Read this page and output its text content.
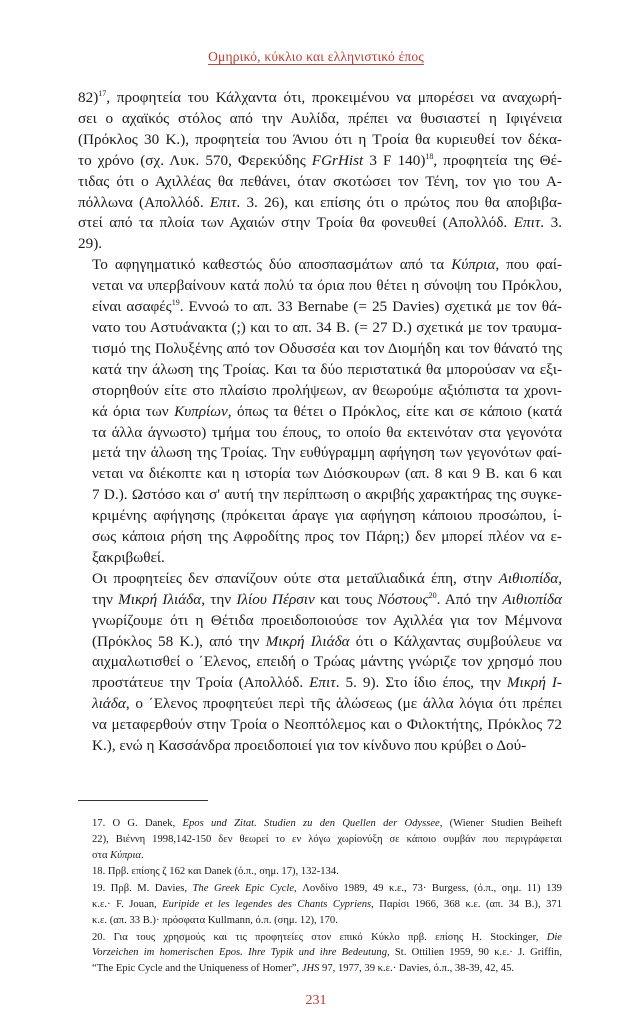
Ομηρικό, κύκλιο και ελληνιστικό έπος

82)$^{17}$, προφητεία του Κάλχαντα ότι, προκειμένου να μπορέσει να αναχωρή-
σει ο αχαϊκός στόλος από την Αυλίδα, πρέπει να θυσιαστεί η Ιφιγένεια
(Πρόκλος 30 Κ.), προφητεία του Άνιου ότι η Τροία θα κυριευθεί τον δέκα-
το χρόνο (σχ. Λυκ. 570, Φερεκύδης FGrHist 3 F 140)$^{18}$, προφητεία της Θέ-
τιδας ότι ο Αχιλλέας θα πεθάνει, όταν σκοτώσει τον Τένη, τον γιο του Α-
πόλλωνα (Απολλόδ. Επιτ. 3. 26), και επίσης ότι ο πρώτος που θα αποβιβα-
στεί από τα πλοία των Αχαιών στην Τροία θα φονευθεί (Απολλόδ. Επιτ. 3.
29).

Το αφηγηματικό καθεστώς δύο αποσπασμάτων από τα Κύπρια, που φαί-
νεται να υπερβαίνουν κατά πολύ τα όρια που θέτει η σύνοψη του Πρόκλου,
είναι ασαφές$^{19}$. Εννοώ το απ. 33 Bernabe (= 25 Davies) σχετικά με τον θά-
νατο του Αστυάνακτα (;) και το απ. 34 Β. (= 27 D.) σχετικά με τον τραυμα-
τισμό της Πολυξένης από τον Οδυσσέα και τον Διομήδη και τον θάνατό της
κατά την άλωση της Τροίας. Και τα δύο περιστατικά θα μπορούσαν να εξι-
στορηθούν είτε στο πλαίσιο προλήψεων, αν θεωρούμε αξιόπιστα τα χρονι-
κά όρια των Κυπρίων, όπως τα θέτει ο Πρόκλος, είτε και σε κάποιο (κατά
τα άλλα άγνωστο) τμήμα του έπους, το οποίο θα εκτεινόταν στα γεγονότα
μετά την άλωση της Τροίας. Την ευθύγραμμη αφήγηση των γεγονότων φαί-
νεται να διέκοπτε και η ιστορία των Διόσκουρων (απ. 8 και 9 Β. και 6 και
7 D.). Ωστόσο και σ' αυτή την περίπτωση ο ακριβής χαρακτήρας της συγκε-
κριμένης αφήγησης (πρόκειται άραγε για αφήγηση κάποιου προσώπου, ί-
σως κάποια ρήση της Αφροδίτης προς τον Πάρη;) δεν μπορεί πλέον να ε-
ξακριβωθεί.

Οι προφητείες δεν σπανίζουν ούτε στα μεταϊλιαδικά έπη, στην Αιθιοπίδα,
την Μικρή Ιλιάδα, την Ιλίου Πέρσιν και τους Νόστους$^{20}$. Από την Αιθιοπίδα
γνωρίζουμε ότι η Θέτιδα προειδοποιούσε τον Αχιλλέα για τον Μέμνονα
(Πρόκλος 58 Κ.), από την Μικρή Ιλιάδα ότι ο Κάλχαντας συμβούλευε να
αιχμαλωτισθεί ο ΄Ελενος, επειδή ο Τρώας μάντης γνώριζε τον χρησμό που
προστάτευε την Τροία (Απολλόδ. Επιτ. 5. 9). Στο ίδιο έπος, την Μικρή Ι-
λιάδα, ο ΄Ελενος προφητεύει περὶ τῆς ἁλώσεως (με άλλα λόγια ότι πρέπει
να μεταφερθούν στην Τροία ο Νεοπτόλεμος και ο Φιλοκτήτης, Πρόκλος 72
Κ.), ενώ η Κασσάνδρα προειδοποιεί για τον κίνδυνο που κρύβει ο Δού-

17. Ο G. Danek, Epos und Zitat. Studien zu den Quellen der Odyssee, (Wiener Studien Beiheft
22), Βιέννη 1998,142-150 δεν θεωρεί το εν λόγω χωρίονύξη σε κάποιο συμβάν που περιγράφεται
στα Κύπρια.
18. Πρβ. επίσης ζ 162 και Danek (ό.π., σημ. 17), 132-134.
19. Πρβ. M. Davies, The Greek Epic Cycle, Λονδίνο 1989, 49 κ.ε., 73· Burgess, (ό.π., σημ. 11) 139
κ.ε.· F. Jouan, Euripide et les legendes des Chants Cypriens, Παρίσι 1966, 368 κ.ε. (απ. 34 Β.), 371
κ.ε. (απ. 33 Β.)· πρόσφατα Kullmann, ό.π. (σημ. 12), 170.
20. Για τους χρησμούς και τις προφητείες στον επικό Κύκλο πρβ. επίσης H. Stockinger, Die
Vorzeichen im homerischen Epos. Ihre Typik und ihre Bedeutung, St. Ottilien 1959, 90 κ.ε.· J. Griffin,
“The Epic Cycle and the Uniqueness of Homer”, JHS 97, 1977, 39 κ.ε.· Davies, ό.π., 38-39, 42, 45.
231
